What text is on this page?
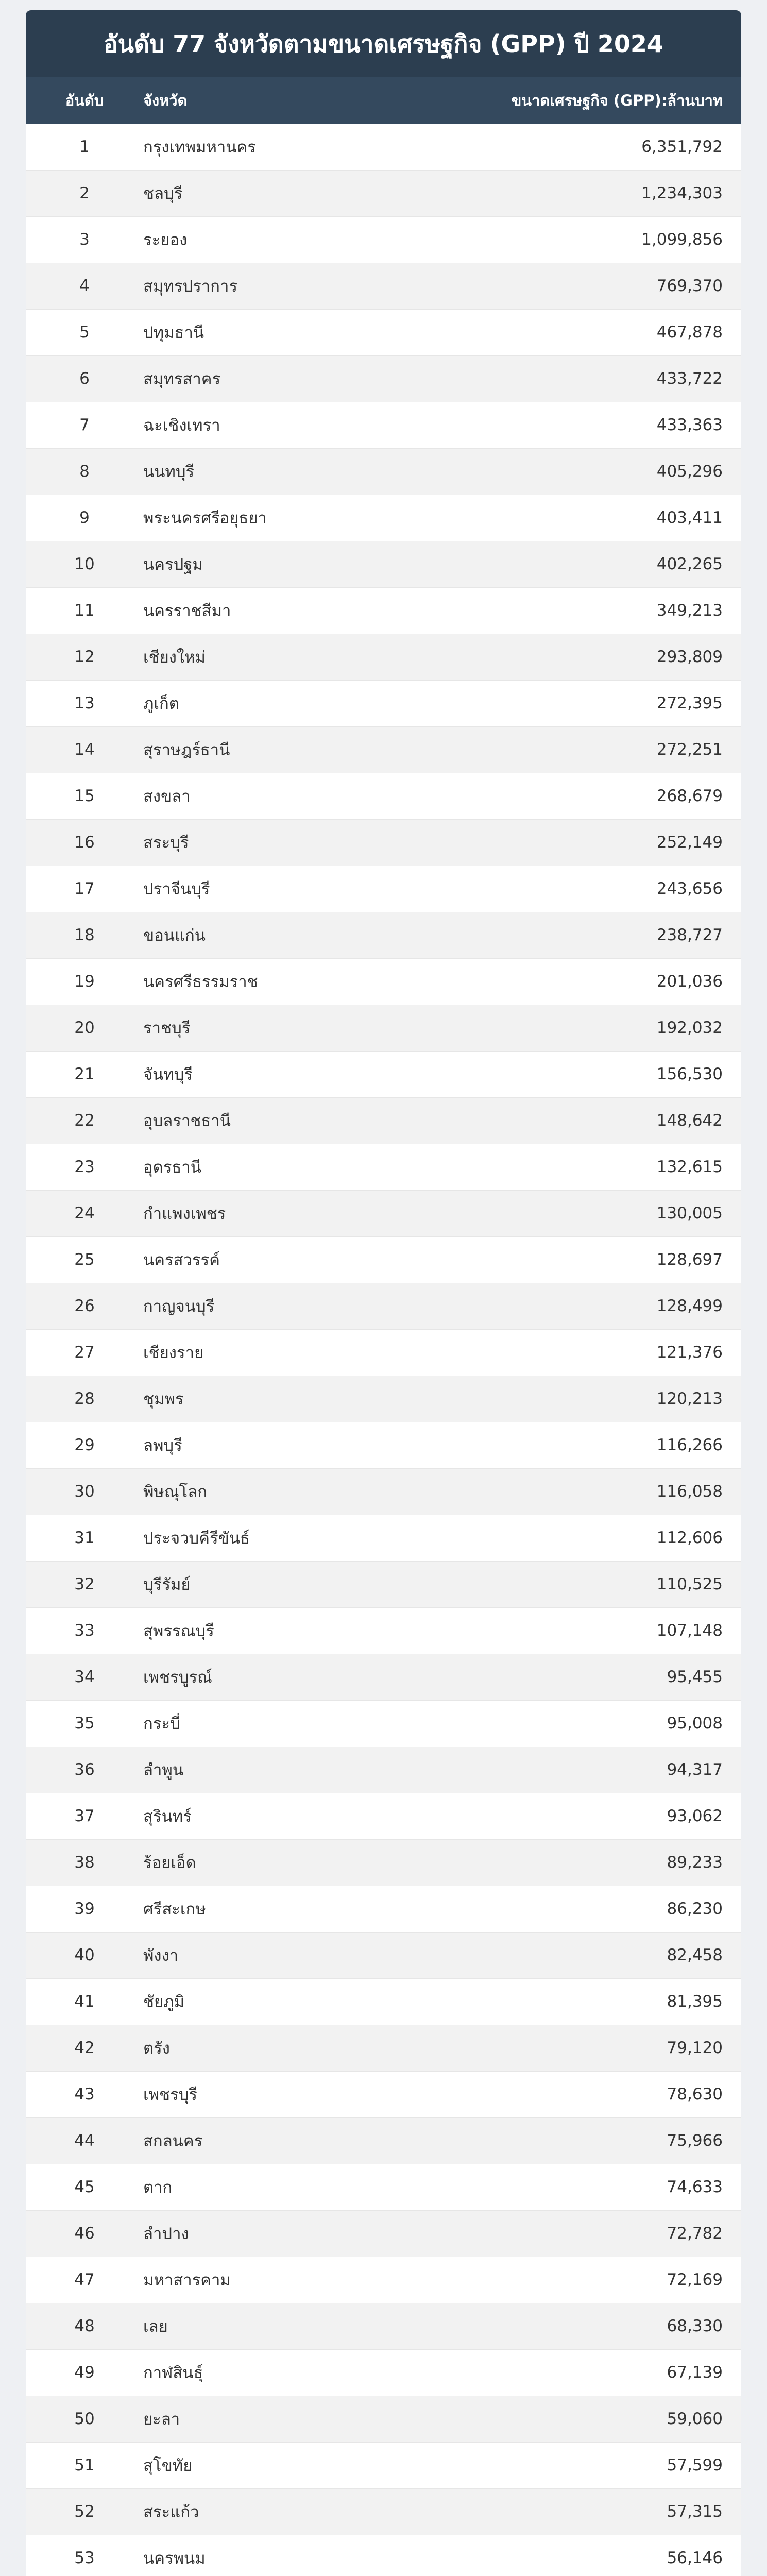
อันดับ 77 จังหวัดตามขนาดเศรษฐกิจ (GPP) ปี 2024
อันดับ	จังหวัด	ขนาดเศรษฐกิจ (GPP):ล้านบาท
1	กรุงเทพมหานคร	6,351,792
2	ชลบุรี	1,234,303
3	ระยอง	1,099,856
4	สมุทรปราการ	769,370
5	ปทุมธานี	467,878
6	สมุทรสาคร	433,722
7	ฉะเชิงเทรา	433,363
8	นนทบุรี	405,296
9	พระนครศรีอยุธยา	403,411
10	นครปฐม	402,265
11	นครราชสีมา	349,213
12	เชียงใหม่	293,809
13	ภูเก็ต	272,395
14	สุราษฎร์ธานี	272,251
15	สงขลา	268,679
16	สระบุรี	252,149
17	ปราจีนบุรี	243,656
18	ขอนแก่น	238,727
19	นครศรีธรรมราช	201,036
20	ราชบุรี	192,032
21	จันทบุรี	156,530
22	อุบลราชธานี	148,642
23	อุดรธานี	132,615
24	กำแพงเพชร	130,005
25	นครสวรรค์	128,697
26	กาญจนบุรี	128,499
27	เชียงราย	121,376
28	ชุมพร	120,213
29	ลพบุรี	116,266
30	พิษณุโลก	116,058
31	ประจวบคีรีขันธ์	112,606
32	บุรีรัมย์	110,525
33	สุพรรณบุรี	107,148
34	เพชรบูรณ์	95,455
35	กระบี่	95,008
36	ลำพูน	94,317
37	สุรินทร์	93,062
38	ร้อยเอ็ด	89,233
39	ศรีสะเกษ	86,230
40	พังงา	82,458
41	ชัยภูมิ	81,395
42	ตรัง	79,120
43	เพชรบุรี	78,630
44	สกลนคร	75,966
45	ตาก	74,633
46	ลำปาง	72,782
47	มหาสารคาม	72,169
48	เลย	68,330
49	กาฬสินธุ์	67,139
50	ยะลา	59,060
51	สุโขทัย	57,599
52	สระแก้ว	57,315
53	นครพนม	56,146
